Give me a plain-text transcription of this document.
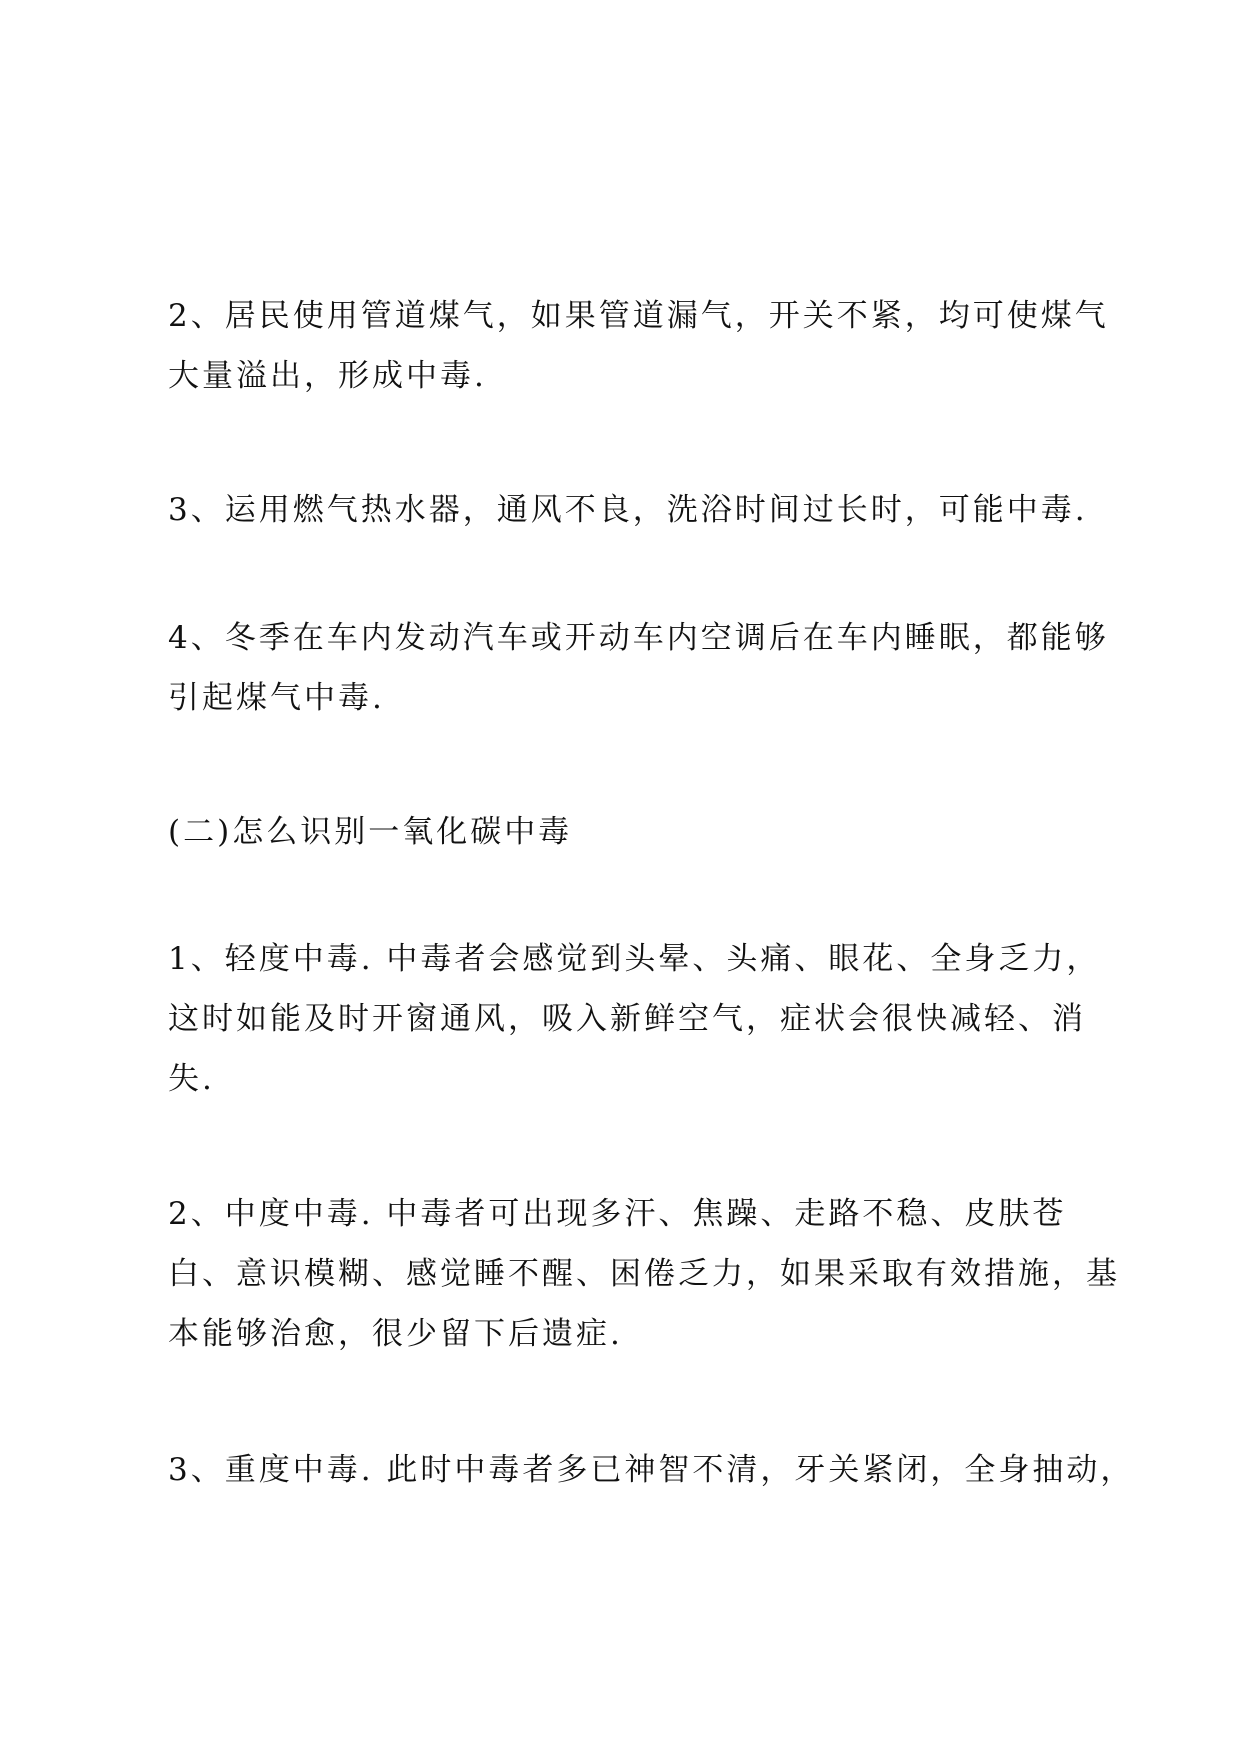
2、居民使用管道煤气，如果管道漏气，开关不紧，均可使煤气
大量溢出，形成中毒.

3、运用燃气热水器，通风不良，洗浴时间过长时，可能中毒.

4、冬季在车内发动汽车或开动车内空调后在车内睡眠，都能够
引起煤气中毒.

(二)怎么识别一氧化碳中毒

1、轻度中毒. 中毒者会感觉到头晕、头痛、眼花、全身乏力，
这时如能及时开窗通风，吸入新鲜空气，症状会很快减轻、消
失.

2、中度中毒. 中毒者可出现多汗、焦躁、走路不稳、皮肤苍
白、意识模糊、感觉睡不醒、困倦乏力，如果采取有效措施，基
本能够治愈，很少留下后遗症.

3、重度中毒. 此时中毒者多已神智不清，牙关紧闭，全身抽动，
